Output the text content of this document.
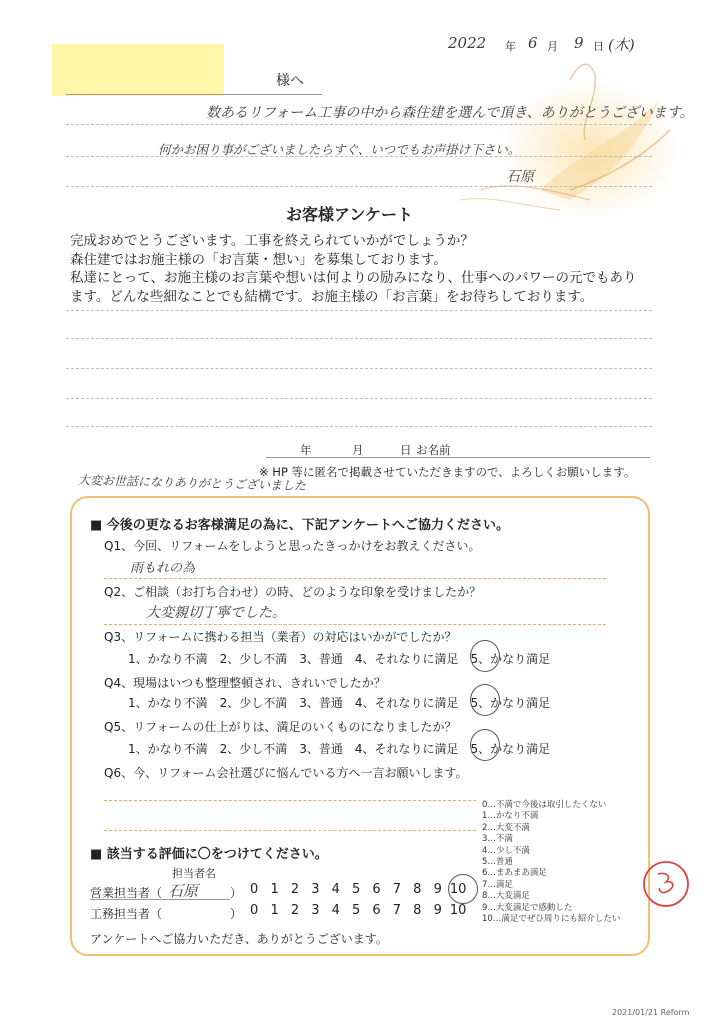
2022 年 6 月 9 日 (木)
様へ
数あるリフォーム工事の中から森住建を選んで頂き、ありがとうございます。
何かお困り事がございましたらすぐ、いつでもお声掛け下さい。
石原
お客様アンケート
完成おめでとうございます。工事を終えられていかがでしょうか？
森住建ではお施主様の「お言葉・想い」を募集しております。
私達にとって、お施主様のお言葉や想いは何よりの励みになり、仕事へのパワーの元でもあり
ます。どんな些細なことでも結構です。お施主様の「お言葉」をお待ちしております。
年	月	日 お名前
※ HP 等に匿名で掲載させていただきますので、よろしくお願いします。
大変お世話になりありがとうございました
■ 今後の更なるお客様満足の為に、下記アンケートへご協力ください。
Q1、今回、リフォームをしようと思ったきっかけをお教えください。
雨もれの為
Q2、ご相談（お打ち合わせ）の時、どのような印象を受けましたか？
大変親切丁寧でした。
Q3、リフォームに携わる担当（業者）の対応はいかがでしたか？
1、かなり不満　2、少し不満　3、普通　4、それなりに満足　5、かなり満足
Q4、現場はいつも整理整頓され、きれいでしたか？
1、かなり不満　2、少し不満　3、普通　4、それなりに満足　5、かなり満足
Q5、リフォームの仕上がりは、満足のいくものになりましたか？
1、かなり不満　2、少し不満　3、普通　4、それなりに満足　5、かなり満足
Q6、今、リフォーム会社選びに悩んでいる方へ一言お願いします。
0…不満で今後は取引したくない
1…かなり不満
2…大変不満
3…不満
4…少し不満
5…普通
6…まあまあ満足
7…満足
8…大変満足
9…大変満足で感動した
10…満足でぜひ周りにも紹介したい
■ 該当する評価に〇をつけてください。
担当者名
営業担当者（ 石原	） 0 1 2 3 4 5 6 7 8 9 10
工務担当者（	） 0 1 2 3 4 5 6 7 8 9 10
アンケートへご協力いただき、ありがとうございます。
2021/01/21 Reform
